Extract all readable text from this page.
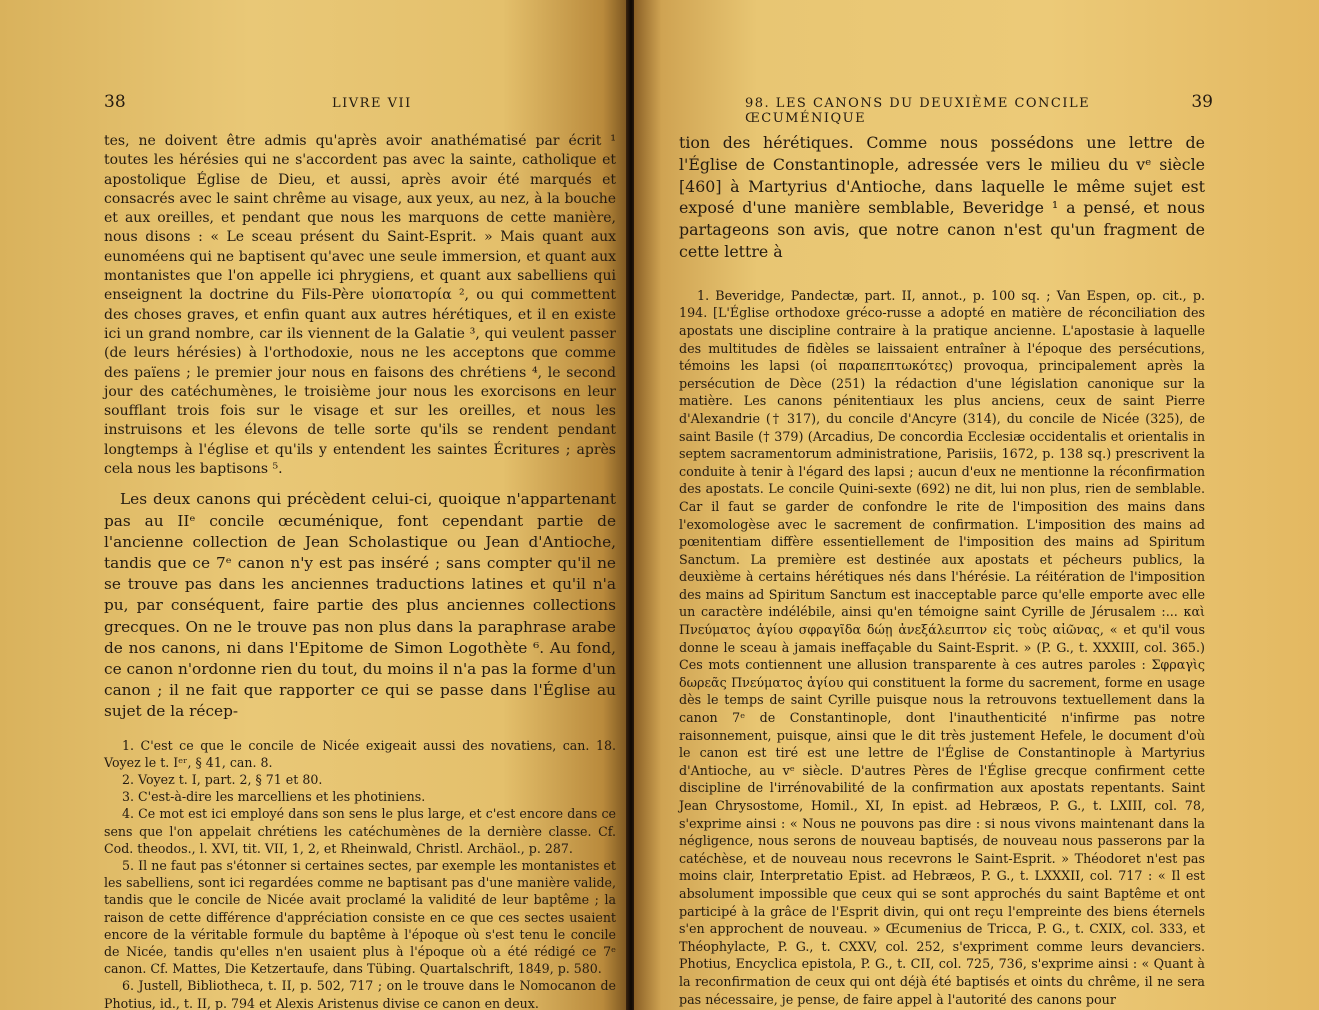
38	LIVRE VII

tes, ne doivent être admis qu'après avoir anathématisé par écrit ¹ toutes les hérésies qui ne s'accordent pas avec la sainte, catholique et apostolique Église de Dieu, et aussi, après avoir été marqués et consacrés avec le saint chrême au visage, aux yeux, au nez, à la bouche et aux oreilles, et pendant que nous les marquons de cette manière, nous disons : « Le sceau présent du Saint-Esprit. » Mais quant aux eunoméens qui ne baptisent qu'avec une seule immersion, et quant aux montanistes que l'on appelle ici phrygiens, et quant aux sabelliens qui enseignent la doctrine du Fils-Père υἱοπατορία ², ou qui commettent des choses graves, et enfin quant aux autres hérétiques, et il en existe ici un grand nombre, car ils viennent de la Galatie ³, qui veulent passer (de leurs hérésies) à l'orthodoxie, nous ne les acceptons que comme des païens ; le premier jour nous en faisons des chrétiens ⁴, le second jour des catéchumènes, le troisième jour nous les exorcisons en leur soufflant trois fois sur le visage et sur les oreilles, et nous les instruisons et les élevons de telle sorte qu'ils se rendent pendant longtemps à l'église et qu'ils y entendent les saintes Écritures ; après cela nous les baptisons ⁵.

Les deux canons qui précèdent celui-ci, quoique n'appartenant pas au IIᵉ concile œcuménique, font cependant partie de l'ancienne collection de Jean Scholastique ou Jean d'Antioche, tandis que ce 7ᵉ canon n'y est pas inséré ; sans compter qu'il ne se trouve pas dans les anciennes traductions latines et qu'il n'a pu, par conséquent, faire partie des plus anciennes collections grecques. On ne le trouve pas non plus dans la paraphrase arabe de nos canons, ni dans l'Epitome de Simon Logothète ⁶. Au fond, ce canon n'ordonne rien du tout, du moins il n'a pas la forme d'un canon ; il ne fait que rapporter ce qui se passe dans l'Église au sujet de la récep-

1. C'est ce que le concile de Nicée exigeait aussi des novatiens, can. 18. Voyez le t. Iᵉʳ, § 41, can. 8.

2. Voyez t. I, part. 2, § 71 et 80.

3. C'est-à-dire les marcelliens et les photiniens.

4. Ce mot est ici employé dans son sens le plus large, et c'est encore dans ce sens que l'on appelait chrétiens les catéchumènes de la dernière classe. Cf. Cod. theodos., l. XVI, tit. VII, 1, 2, et Rheinwald, Christl. Archäol., p. 287.

5. Il ne faut pas s'étonner si certaines sectes, par exemple les montanistes et les sabelliens, sont ici regardées comme ne baptisant pas d'une manière valide, tandis que le concile de Nicée avait proclamé la validité de leur baptême ; la raison de cette différence d'appréciation consiste en ce que ces sectes usaient encore de la véritable formule du baptême à l'époque où s'est tenu le concile de Nicée, tandis qu'elles n'en usaient plus à l'époque où a été rédigé ce 7ᵉ canon. Cf. Mattes, Die Ketzertaufe, dans Tübing. Quartalschrift, 1849, p. 580.

6. Justell, Bibliotheca, t. II, p. 502, 717 ; on le trouve dans le Nomocanon de Photius, id., t. II, p. 794 et Alexis Aristenus divise ce canon en deux.

98. LES CANONS DU DEUXIÈME CONCILE ŒCUMÉNIQUE
39

tion des hérétiques. Comme nous possédons une lettre de l'Église de Constantinople, adressée vers le milieu du vᵉ siècle [460] à Martyrius d'Antioche, dans laquelle le même sujet est exposé d'une manière semblable, Beveridge ¹ a pensé, et nous partageons son avis, que notre canon n'est qu'un fragment de cette lettre à

1. Beveridge, Pandectæ, part. II, annot., p. 100 sq. ; Van Espen, op. cit., p. 194. [L'Église orthodoxe gréco-russe a adopté en matière de réconciliation des apostats une discipline contraire à la pratique ancienne. L'apostasie à laquelle des multitudes de fidèles se laissaient entraîner à l'époque des persécutions, témoins les lapsi (οἱ παραπεπτωκότες) provoqua, principalement après la persécution de Dèce (251) la rédaction d'une législation canonique sur la matière. Les canons pénitentiaux les plus anciens, ceux de saint Pierre d'Alexandrie († 317), du concile d'Ancyre (314), du concile de Nicée (325), de saint Basile († 379) (Arcadius, De concordia Ecclesiæ occidentalis et orientalis in septem sacramentorum administratione, Parisiis, 1672, p. 138 sq.) prescrivent la conduite à tenir à l'égard des lapsi ; aucun d'eux ne mentionne la réconfirmation des apostats. Le concile Quini-sexte (692) ne dit, lui non plus, rien de semblable. Car il faut se garder de confondre le rite de l'imposition des mains dans l'exomologèse avec le sacrement de confirmation. L'imposition des mains ad pœnitentiam diffère essentiellement de l'imposition des mains ad Spiritum Sanctum. La première est destinée aux apostats et pécheurs publics, la deuxième à certains hérétiques nés dans l'hérésie. La réitération de l'imposition des mains ad Spiritum Sanctum est inacceptable parce qu'elle emporte avec elle un caractère indélébile, ainsi qu'en témoigne saint Cyrille de Jérusalem :... καὶ Πνεύματος ἁγίου σφραγῖδα δώῃ ἀνεξάλειπτον εἰς τοὺς αἰῶνας, « et qu'il vous donne le sceau à jamais ineffaçable du Saint-Esprit. » (P. G., t. XXXIII, col. 365.) Ces mots contiennent une allusion transparente à ces autres paroles : Σφραγὶς δωρεᾶς Πνεύματος ἁγίου qui constituent la forme du sacrement, forme en usage dès le temps de saint Cyrille puisque nous la retrouvons textuellement dans la canon 7ᵉ de Constantinople, dont l'inauthenticité n'infirme pas notre raisonnement, puisque, ainsi que le dit très justement Hefele, le document d'où le canon est tiré est une lettre de l'Église de Constantinople à Martyrius d'Antioche, au vᵉ siècle. D'autres Pères de l'Église grecque confirment cette discipline de l'irrénovabilité de la confirmation aux apostats repentants. Saint Jean Chrysostome, Homil., XI, In epist. ad Hebræos, P. G., t. LXIII, col. 78, s'exprime ainsi : « Nous ne pouvons pas dire : si nous vivons maintenant dans la négligence, nous serons de nouveau baptisés, de nouveau nous passerons par la catéchèse, et de nouveau nous recevrons le Saint-Esprit. » Théodoret n'est pas moins clair, Interpretatio Epist. ad Hebræos, P. G., t. LXXXII, col. 717 : « Il est absolument impossible que ceux qui se sont approchés du saint Baptême et ont participé à la grâce de l'Esprit divin, qui ont reçu l'empreinte des biens éternels s'en approchent de nouveau. » Œcumenius de Tricca, P. G., t. CXIX, col. 333, et Théophylacte, P. G., t. CXXV, col. 252, s'expriment comme leurs devanciers. Photius, Encyclica epistola, P. G., t. CII, col. 725, 736, s'exprime ainsi : « Quant à la reconfirmation de ceux qui ont déjà été baptisés et oints du chrême, il ne sera pas nécessaire, je pense, de faire appel à l'autorité des canons pour
